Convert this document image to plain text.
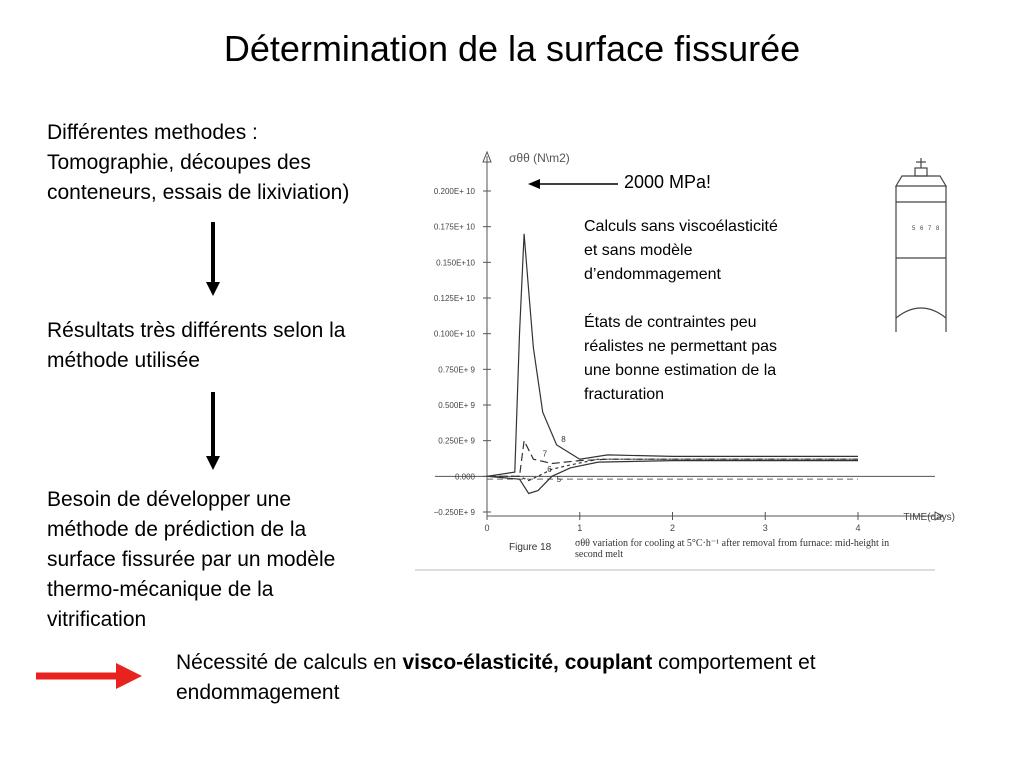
Détermination de la surface fissurée
Différentes methodes :
Tomographie, découpes des
conteneurs, essais de lixiviation)
Résultats très différents selon la
méthode utilisée
Besoin de développer une
méthode de prédiction de la
surface fissurée par un modèle
thermo-mécanique de la
vitrification
0.200E+ 10
0.175E+ 10
0.150E+10
0.125E+ 10
0.100E+ 10
0.750E+ 9
0.500E+ 9
0.250E+ 9
0.000
−0.250E+ 9
0	1	2	3	4
8
7
6
5
σθθ (N\m2)
TIME(days)
Figure 18 σθθ variation for cooling at 5°C·h⁻¹ after removal from furnace: mid-height in second melt
2000 MPa!
Calculs sans viscoélasticité
et sans modèle
d’endommagement
États de contraintes peu
réalistes ne permettant pas
une bonne estimation de la
fracturation
5 6 7 8
Nécessité de calculs en visco-élasticité, couplant comportement et endommagement
